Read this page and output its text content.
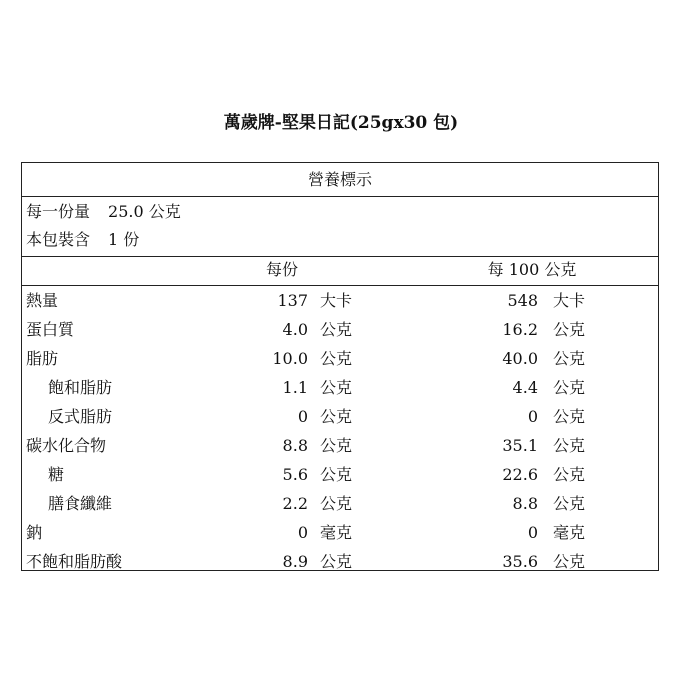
萬歲牌-堅果日記(25gx30 包)
營養標示
每一份量 25.0 公克
本包裝含 1 份
每份	每 100 公克
熱量	137 大卡	548 大卡
蛋白質	4.0 公克	16.2 公克
脂肪	10.0 公克	40.0 公克
飽和脂肪	1.1 公克	4.4 公克
反式脂肪	0 公克	0 公克
碳水化合物	8.8 公克	35.1 公克
糖	5.6 公克	22.6 公克
膳食纖維	2.2 公克	8.8 公克
鈉	0 毫克	0 毫克
不飽和脂肪酸	8.9 公克	35.6 公克
